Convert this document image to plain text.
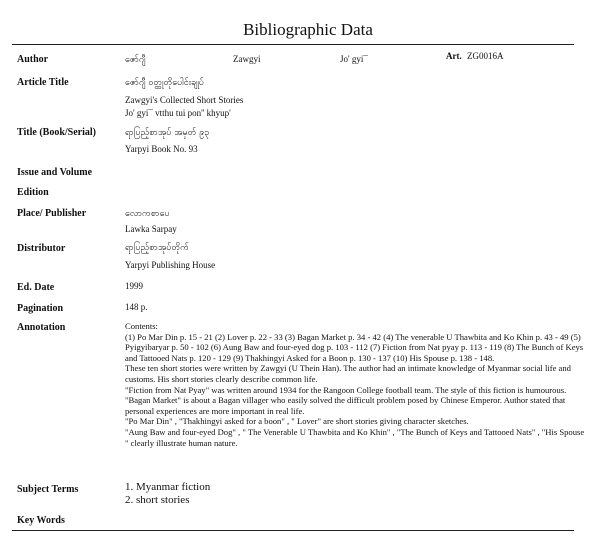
Bibliographic Data
Author	ဇော်ဂျီ	Zawgyi	Jo' gyi¯	Art. ZG0016A
Article Title	ဇော်ဂျီ ဝတ္ထုတိုပေါင်းချုပ်
Zawgyi's Collected Short Stories
Jo' gyi¯ vtthu tui pon'' khyup'
Title (Book/Serial)	ရာပြည့်စာအုပ် အမှတ် ၉၃
Yarpyi Book No. 93
Issue and Volume
Edition
Place/ Publisher	လောကစာပေ
Lawka Sarpay
Distributor	ရာပြည့်စာအုပ်တိုက်
Yarpyi Publishing House
Ed. Date	1999
Pagination	148 p.
Annotation	Contents:

(1) Po Mar Din p. 15 - 21 (2) Lover p. 22 - 33 (3) Bagan Market p. 34 - 42 (4) The venerable U Thawbita and Ko Khin p. 43 - 49 (5) Pyigyibaryar p. 50 - 102 (6) Aung Baw and four-eyed dog p. 103 - 112 (7) Fiction from Nat pyay p. 113 - 119 (8) The Bunch of Keys and Tattooed Nats p. 120 - 129 (9) Thakhingyi Asked for a Boon p. 130 - 137 (10) His Spouse p. 138 - 148.

These ten short stories were written by Zawgyi (U Thein Han). The author had an intimate knowledge of Myanmar social life and customs. His short stories clearly describe common life.

"Fiction from Nat Pyay" was written around 1934 for the Rangoon College football team. The style of this fiction is humourous.

"Bagan Market" is about a Bagan villager who easily solved the difficult problem posed by Chinese Emperor. Author stated that personal experiences are more important in real life.

"Po Mar Din" , "Thakhingyi asked for a boon" , " Lover" are short stories giving character sketches.

"Aung Baw and four-eyed Dog" , " The Venerable U Thawbita and Ko Khin" , "The Bunch of Keys and Tattooed Nats" , "His Spouse " clearly illustrate human nature.

Subject Terms	1. Myanmar fiction
2. short stories
Key Words
